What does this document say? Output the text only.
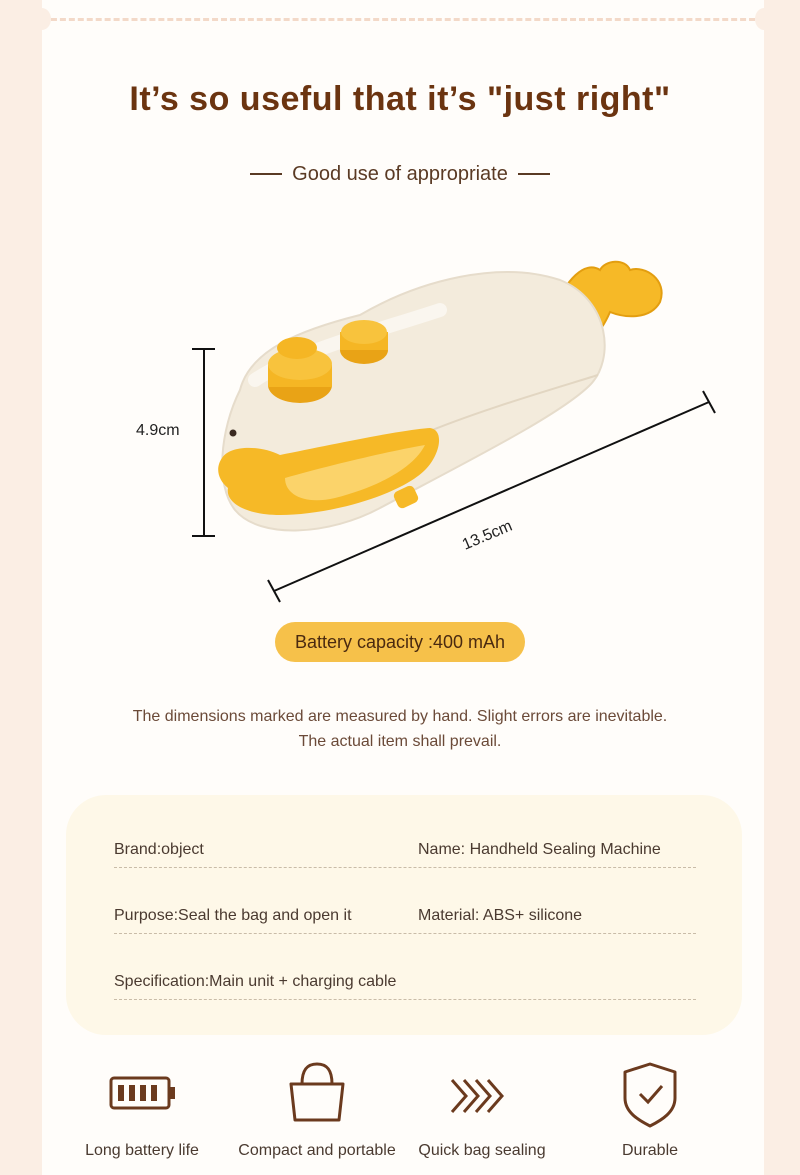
It’s so useful that it’s "just right"
Good use of appropriate
4.9cm
13.5cm
Battery capacity :400 mAh
The dimensions marked are measured by hand. Slight errors are inevitable.
The actual item shall prevail.
Brand:object	Name: Handheld Sealing Machine
Purpose:Seal the bag and open it	Material: ABS+ silicone
Specification:Main unit + charging cable
Long battery life	Compact and portable	Quick bag sealing	Durable
